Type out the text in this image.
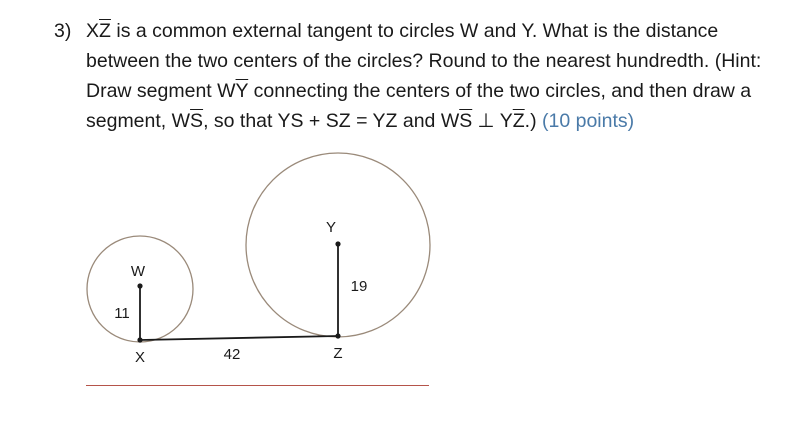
3) $X\overline{Z}$ is a common external tangent to circles W and Y. What is the distance between the two centers of the circles? Round to the nearest hundredth. (Hint: Draw segment $W\overline{Y}$ connecting the centers of the two circles, and then draw a segment, $W\overline{S}$, so that YS + SZ = YZ and $W\overline{S}$ ⊥ $Y\overline{Z}$.) (10 points)
W
X
Y
Z
11
19
42
